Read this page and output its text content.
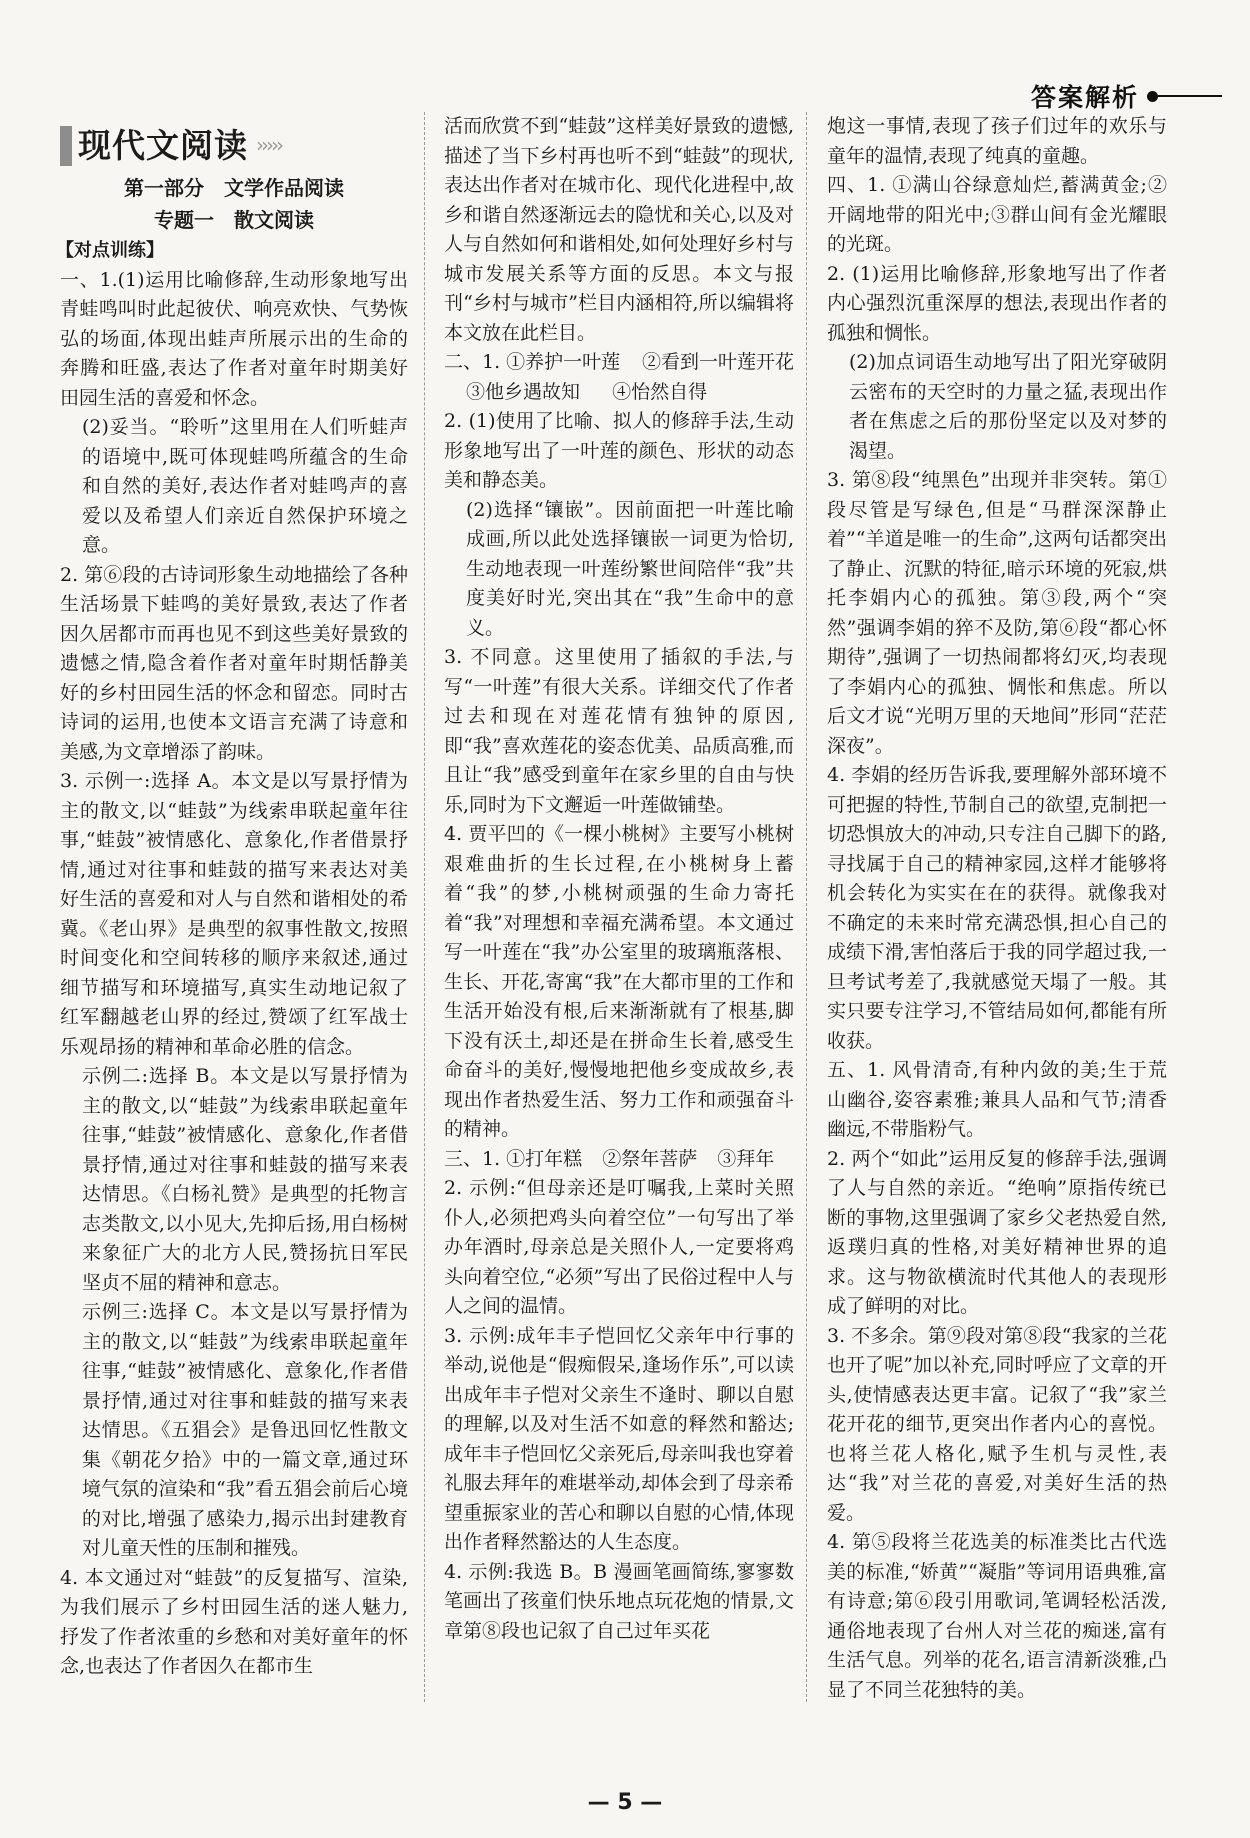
答案解析
现代文阅读 ›››››
第一部分　文学作品阅读
专题一　散文阅读
【对点训练】

一、1.(1)运用比喻修辞,生动形象地写出青蛙鸣叫时此起彼伏、响亮欢快、气势恢弘的场面,体现出蛙声所展示出的生命的奔腾和旺盛,表达了作者对童年时期美好田园生活的喜爱和怀念。

(2)妥当。“聆听”这里用在人们听蛙声的语境中,既可体现蛙鸣所蕴含的生命和自然的美好,表达作者对蛙鸣声的喜爱以及希望人们亲近自然保护环境之意。

2. 第⑥段的古诗词形象生动地描绘了各种生活场景下蛙鸣的美好景致,表达了作者因久居都市而再也见不到这些美好景致的遗憾之情,隐含着作者对童年时期恬静美好的乡村田园生活的怀念和留恋。同时古诗词的运用,也使本文语言充满了诗意和美感,为文章增添了韵味。

3. 示例一:选择 A。本文是以写景抒情为主的散文,以“蛙鼓”为线索串联起童年往事,“蛙鼓”被情感化、意象化,作者借景抒情,通过对往事和蛙鼓的描写来表达对美好生活的喜爱和对人与自然和谐相处的希冀。《老山界》是典型的叙事性散文,按照时间变化和空间转移的顺序来叙述,通过细节描写和环境描写,真实生动地记叙了红军翻越老山界的经过,赞颂了红军战士乐观昂扬的精神和革命必胜的信念。

示例二:选择 B。本文是以写景抒情为主的散文,以“蛙鼓”为线索串联起童年往事,“蛙鼓”被情感化、意象化,作者借景抒情,通过对往事和蛙鼓的描写来表达情思。《白杨礼赞》是典型的托物言志类散文,以小见大,先抑后扬,用白杨树来象征广大的北方人民,赞扬抗日军民坚贞不屈的精神和意志。

示例三:选择 C。本文是以写景抒情为主的散文,以“蛙鼓”为线索串联起童年往事,“蛙鼓”被情感化、意象化,作者借景抒情,通过对往事和蛙鼓的描写来表达情思。《五猖会》是鲁迅回忆性散文集《朝花夕拾》中的一篇文章,通过环境气氛的渲染和“我”看五猖会前后心境的对比,增强了感染力,揭示出封建教育对儿童天性的压制和摧残。

4. 本文通过对“蛙鼓”的反复描写、渲染,为我们展示了乡村田园生活的迷人魅力,抒发了作者浓重的乡愁和对美好童年的怀念,也表达了作者因久在都市生

活而欣赏不到“蛙鼓”这样美好景致的遗憾,描述了当下乡村再也听不到“蛙鼓”的现状,表达出作者对在城市化、现代化进程中,故乡和谐自然逐渐远去的隐忧和关心,以及对人与自然如何和谐相处,如何处理好乡村与城市发展关系等方面的反思。本文与报刊“乡村与城市”栏目内涵相符,所以编辑将本文放在此栏目。

二、1. ①养护一叶莲 ②看到一叶莲开花
③他乡遇故知 ④怡然自得

2. (1)使用了比喻、拟人的修辞手法,生动形象地写出了一叶莲的颜色、形状的动态美和静态美。

(2)选择“镶嵌”。因前面把一叶莲比喻成画,所以此处选择镶嵌一词更为恰切,生动地表现一叶莲纷繁世间陪伴“我”共度美好时光,突出其在“我”生命中的意义。

3. 不同意。这里使用了插叙的手法,与写“一叶莲”有很大关系。详细交代了作者过去和现在对莲花情有独钟的原因,即“我”喜欢莲花的姿态优美、品质高雅,而且让“我”感受到童年在家乡里的自由与快乐,同时为下文邂逅一叶莲做铺垫。

4. 贾平凹的《一棵小桃树》主要写小桃树艰难曲折的生长过程,在小桃树身上蓄着“我”的梦,小桃树顽强的生命力寄托着“我”对理想和幸福充满希望。本文通过写一叶莲在“我”办公室里的玻璃瓶落根、生长、开花,寄寓“我”在大都市里的工作和生活开始没有根,后来渐渐就有了根基,脚下没有沃土,却还是在拼命生长着,感受生命奋斗的美好,慢慢地把他乡变成故乡,表现出作者热爱生活、努力工作和顽强奋斗的精神。

三、1. ①打年糕 ②祭年菩萨 ③拜年

2. 示例:“但母亲还是叮嘱我,上菜时关照仆人,必须把鸡头向着空位”一句写出了举办年酒时,母亲总是关照仆人,一定要将鸡头向着空位,“必须”写出了民俗过程中人与人之间的温情。

3. 示例:成年丰子恺回忆父亲年中行事的举动,说他是“假痴假呆,逢场作乐”,可以读出成年丰子恺对父亲生不逢时、聊以自慰的理解,以及对生活不如意的释然和豁达;成年丰子恺回忆父亲死后,母亲叫我也穿着礼服去拜年的难堪举动,却体会到了母亲希望重振家业的苦心和聊以自慰的心情,体现出作者释然豁达的人生态度。

4. 示例:我选 B。B 漫画笔画简练,寥寥数笔画出了孩童们快乐地点玩花炮的情景,文章第⑧段也记叙了自己过年买花

炮这一事情,表现了孩子们过年的欢乐与童年的温情,表现了纯真的童趣。

四、1. ①满山谷绿意灿烂,蓄满黄金;②开阔地带的阳光中;③群山间有金光耀眼的光斑。

2. (1)运用比喻修辞,形象地写出了作者内心强烈沉重深厚的想法,表现出作者的孤独和惆怅。

(2)加点词语生动地写出了阳光穿破阴云密布的天空时的力量之猛,表现出作者在焦虑之后的那份坚定以及对梦的渴望。

3. 第⑧段“纯黑色”出现并非突转。第①段尽管是写绿色,但是“马群深深静止着”“羊道是唯一的生命”,这两句话都突出了静止、沉默的特征,暗示环境的死寂,烘托李娟内心的孤独。第③段,两个“突然”强调李娟的猝不及防,第⑥段“都心怀期待”,强调了一切热闹都将幻灭,均表现了李娟内心的孤独、惆怅和焦虑。所以后文才说“光明万里的天地间”形同“茫茫深夜”。

4. 李娟的经历告诉我,要理解外部环境不可把握的特性,节制自己的欲望,克制把一切恐惧放大的冲动,只专注自己脚下的路,寻找属于自己的精神家园,这样才能够将机会转化为实实在在的获得。就像我对不确定的未来时常充满恐惧,担心自己的成绩下滑,害怕落后于我的同学超过我,一旦考试考差了,我就感觉天塌了一般。其实只要专注学习,不管结局如何,都能有所收获。

五、1. 风骨清奇,有种内敛的美;生于荒山幽谷,姿容素雅;兼具人品和气节;清香幽远,不带脂粉气。

2. 两个“如此”运用反复的修辞手法,强调了人与自然的亲近。“绝响”原指传统已断的事物,这里强调了家乡父老热爱自然,返璞归真的性格,对美好精神世界的追求。这与物欲横流时代其他人的表现形成了鲜明的对比。

3. 不多余。第⑨段对第⑧段“我家的兰花也开了呢”加以补充,同时呼应了文章的开头,使情感表达更丰富。记叙了“我”家兰花开花的细节,更突出作者内心的喜悦。也将兰花人格化,赋予生机与灵性,表达“我”对兰花的喜爱,对美好生活的热爱。

4. 第⑤段将兰花选美的标准类比古代选美的标准,“娇黄”“凝脂”等词用语典雅,富有诗意;第⑥段引用歌词,笔调轻松活泼,通俗地表现了台州人对兰花的痴迷,富有生活气息。列举的花名,语言清新淡雅,凸显了不同兰花独特的美。

— 5 —
